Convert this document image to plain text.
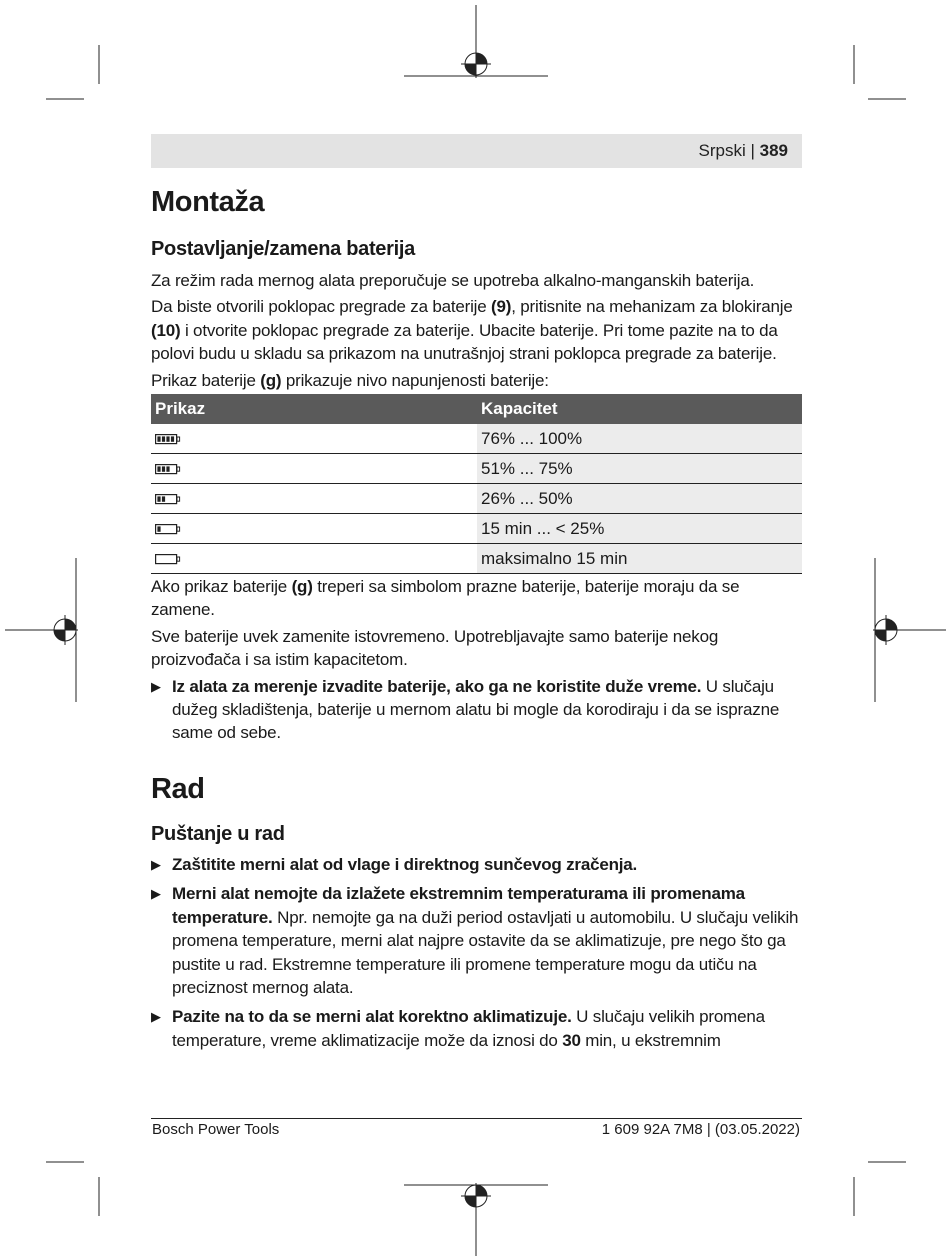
Srpski | 389
Montaža
Postavljanje/zamena baterija

Za režim rada mernog alata preporučuje se upotreba alkalno-manganskih baterija.

Da biste otvorili poklopac pregrade za baterije (9), pritisnite na mehanizam za blokiranje (10) i otvorite poklopac pregrade za baterije. Ubacite baterije. Pri tome pazite na to da polovi budu u skladu sa prikazom na unutrašnjoj strani poklopca pregrade za baterije.

Prikaz baterije (g) prikazuje nivo napunjenosti baterije:

Prikaz	Kapacitet
	76% ... 100%
	51% ... 75%
	26% ... 50%
	15 min ... < 25%
	maksimalno 15 min

Ako prikaz baterije (g) treperi sa simbolom prazne baterije, baterije moraju da se zamene.

Sve baterije uvek zamenite istovremeno. Upotrebljavajte samo baterije nekog proizvođača i sa istim kapacitetom.

▶ Iz alata za merenje izvadite baterije, ako ga ne koristite duže vreme. U slučaju dužeg skladištenja, baterije u mernom alatu bi mogle da korodiraju i da se isprazne same od sebe.
Rad
Puštanje u rad
▶ Zaštitite merni alat od vlage i direktnog sunčevog zračenja.
▶ Merni alat nemojte da izlažete ekstremnim temperaturama ili promenama temperature. Npr. nemojte ga na duži period ostavljati u automobilu. U slučaju velikih promena temperature, merni alat najpre ostavite da se aklimatizuje, pre nego što ga pustite u rad. Ekstremne temperature ili promene temperature mogu da utiču na preciznost mernog alata.
▶ Pazite na to da se merni alat korektno aklimatizuje. U slučaju velikih promena temperature, vreme aklimatizacije može da iznosi do 30 min, u ekstremnim
Bosch Power Tools	1 609 92A 7M8 | (03.05.2022)
